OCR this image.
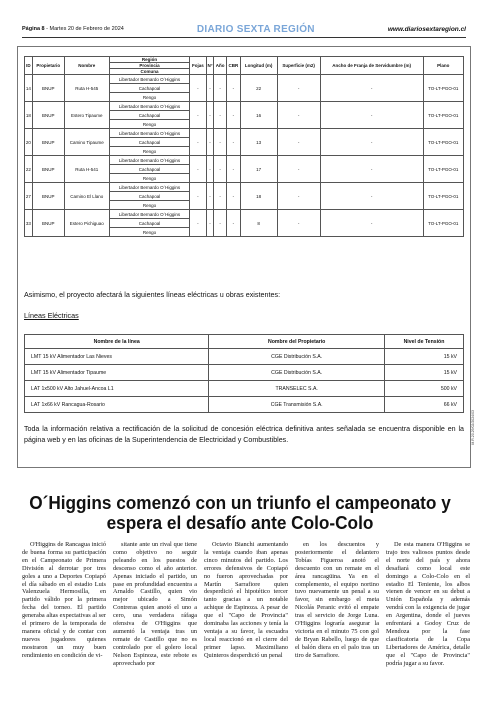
Página 8 - Martes 20 de Febrero de 2024	DIARIO SEXTA REGIÓN	www.diariosextaregion.cl
ID	Propietario	Nombre	Región	Fojas	N°	Año	CBR	Longitud (m)	Superficie (m2)	Ancho de Franja de Servidumbre (m)	Plano
			Provincia								
			Comuna								
14	BNUP	Ruta H-545	Libertador Bernardo O´Higgins	-	-	-	-	22	-	-	TO-LT-PGO-01
			Cachapoal								
			Rengo								
18	BNUP	Estero Tipaume	Libertador Bernardo O´Higgins	-	-	-	-	16	-	-	TO-LT-PGO-01
			Cachapoal								
			Rengo								
20	BNUP	Camino Tipaume	Libertador Bernardo O´Higgins	-	-	-	-	13	-	-	TO-LT-PGO-01
			Cachapoal								
			Rengo								
22	BNUP	Ruta H-541	Libertador Bernardo O´Higgins	-	-	-	-	17	-	-	TO-LT-PGO-01
			Cachapoal								
			Rengo								
27	BNUP	Camino El Llano	Libertador Bernardo O´Higgins	-	-	-	-	18	-	-	TO-LT-PGO-01
			Cachapoal								
			Rengo								
33	BNUP	Estero Pichiguao	Libertador Bernardo O´Higgins	-	-	-	-	8	-	-	TO-LT-PGO-01
			Cachapoal								
			Rengo								
Asimismo, el proyecto afectará la siguientes líneas eléctricas u obras existentes:
Líneas Eléctricas
Nombre de la línea	Nombre del Propietario	Nivel de Tensión
LMT 15 kV Alimentador Las Nieves	CGE Distribución S.A.	15 kV
LMT 15 kV Alimentador Tipaume	CGE Distribución S.A.	15 kV
LAT 1x500 kV Alto Jahuel-Ancoa L1	TRANSELEC S.A.	500 kV
LAT 1x66 kV Rancagua-Rosario	CGE Transmisión S.A.	66 kV
Toda la información relativa a rectificación de la solicitud de concesión eléctrica definitiva antes señalada se encuentra disponible en la página web y en las oficinas de la Superintendencia de Electricidad y Combustibles.	M.R.20.29/02/2024/03
O´Higgins comenzó con un triunfo el campeonato y espera el desafío ante Colo-Colo

O'Higgins de Rancagua inició de buena forma su participación en el Campeonato de Primera División al derrotar por tres goles a uno a Deportes Copiapó el día sábado en el estadio Luis Valenzuela Hermosilla, en partido válido por la primera fecha del torneo. El partido generaba altas expectativas al ser el primero de la temporada de manera oficial y de contar con nuevos jugadores quienes mostraron un muy buen rendimiento en condición de vi-

sitante ante un rival que tiene como objetivo no seguir peleando en los puestos de descenso como el año anterior. Apenas iniciado el partido, un pase en profundidad encuentra a Arnaldo Castillo, quien vio mejor ubicado a Simón Contreras quien anotó el uno a cero, una verdadera ráfaga ofensiva de O'Higgins que aumentó la ventaja tras un remate de Castillo que no es controlado por el golero local Nelson Espinoza, este rebote es aprovechado por

Octavio Bianchi aumentando la ventaja cuando iban apenas cinco minutos del partido. Los errores defensivos de Copiapó no fueron aprovechadas por Martín Sarrafiore quien desperdició el hipotético tercer tanto gracias a un notable achique de Espinoza. A pesar de que el "Capo de Provincia" dominaba las acciones y tenía la ventaja a su favor, la escuadra local reaccionó en el cierre del primer lapso. Maximiliano Quinteros desperdició un penal

en los descuentos y posteriormente el delantero Tobías Figueroa anotó el descuento con un remate en el área rancagüina. Ya en el complemento, el equipo nortino tuvo nuevamente un penal a su favor, sin embargo el meta Nicolás Peranic evitó el empate tras el servicio de Jorge Luna. O'Higgins lograría asegurar la victoria en el minuto 75 con gol de Bryan Rabello, luego de que el balón diera en el palo tras un tiro de Sarrafiore.

De esta manera O'Higgins se trajo tres valiosos puntos desde el norte del país y ahora desafiará como local este domingo a Colo-Colo en el estadio El Teniente, los albos vienen de vencer en su debut a Unión Española y además vendrá con la exigencia de jugar en Argentina, donde el jueves enfrentará a Godoy Cruz de Mendoza por la fase clasificatoria de la Copa Libertadores de América, detalle que el "Capo de Provincia" podría jugar a su favor.
